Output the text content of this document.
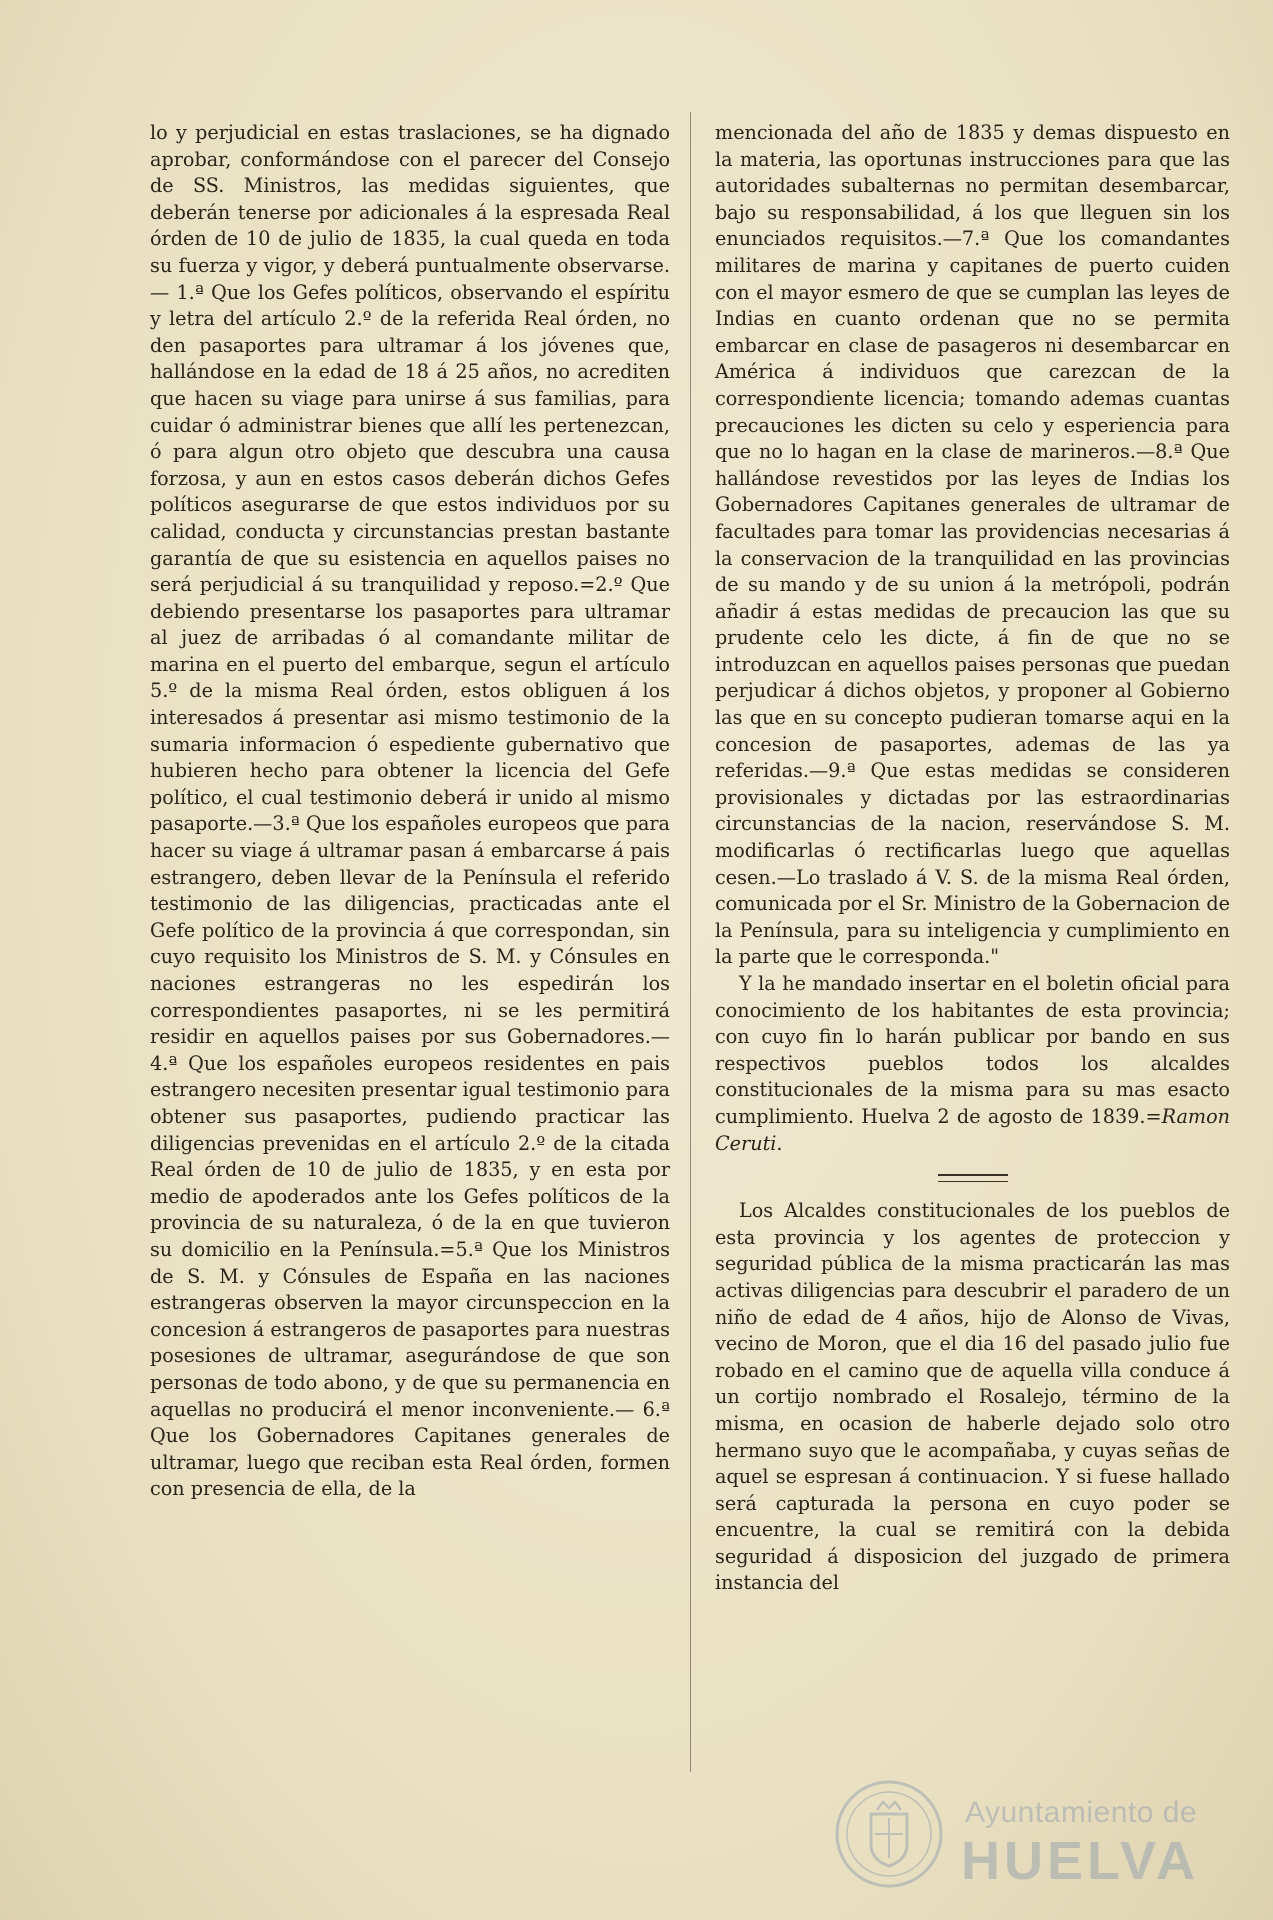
lo y perjudicial en estas traslaciones, se ha dignado aprobar, conformándose con el parecer del Consejo de SS. Ministros, las medidas siguientes, que deberán tenerse por adicionales á la espresada Real órden de 10 de julio de 1835, la cual queda en toda su fuerza y vigor, y deberá puntualmente observarse.— 1.ª Que los Gefes políticos, observando el espíritu y letra del artículo 2.º de la referida Real órden, no den pasaportes para ultramar á los jóvenes que, hallándose en la edad de 18 á 25 años, no acrediten que hacen su viage para unirse á sus familias, para cuidar ó administrar bienes que allí les pertenezcan, ó para algun otro objeto que descubra una causa forzosa, y aun en estos casos deberán dichos Gefes políticos asegurarse de que estos individuos por su calidad, conducta y circunstancias prestan bastante garantía de que su esistencia en aquellos paises no será perjudicial á su tranquilidad y reposo.=2.º Que debiendo presentarse los pasaportes para ultramar al juez de arribadas ó al comandante militar de marina en el puerto del embarque, segun el artículo 5.º de la misma Real órden, estos obliguen á los interesados á presentar asi mismo testimonio de la sumaria informacion ó espediente gubernativo que hubieren hecho para obtener la licencia del Gefe político, el cual testimonio deberá ir unido al mismo pasaporte.—3.ª Que los españoles europeos que para hacer su viage á ultramar pasan á embarcarse á pais estrangero, deben llevar de la Península el referido testimonio de las diligencias, practicadas ante el Gefe político de la provincia á que correspondan, sin cuyo requisito los Ministros de S. M. y Cónsules en naciones estrangeras no les espedirán los correspondientes pasaportes, ni se les permitirá residir en aquellos paises por sus Gobernadores.—4.ª Que los españoles europeos residentes en pais estrangero necesiten presentar igual testimonio para obtener sus pasaportes, pudiendo practicar las diligencias prevenidas en el artículo 2.º de la citada Real órden de 10 de julio de 1835, y en esta por medio de apoderados ante los Gefes políticos de la provincia de su naturaleza, ó de la en que tuvieron su domicilio en la Península.=5.ª Que los Ministros de S. M. y Cónsules de España en las naciones estrangeras observen la mayor circunspeccion en la concesion á estrangeros de pasaportes para nuestras posesiones de ultramar, asegurándose de que son personas de todo abono, y de que su permanencia en aquellas no producirá el menor inconveniente.— 6.ª Que los Gobernadores Capitanes generales de ultramar, luego que reciban esta Real órden, formen con presencia de ella, de la

mencionada del año de 1835 y demas dispuesto en la materia, las oportunas instrucciones para que las autoridades subalternas no permitan desembarcar, bajo su responsabilidad, á los que lleguen sin los enunciados requisitos.—7.ª Que los comandantes militares de marina y capitanes de puerto cuiden con el mayor esmero de que se cumplan las leyes de Indias en cuanto ordenan que no se permita embarcar en clase de pasageros ni desembarcar en América á individuos que carezcan de la correspondiente licencia; tomando ademas cuantas precauciones les dicten su celo y esperiencia para que no lo hagan en la clase de marineros.—8.ª Que hallándose revestidos por las leyes de Indias los Gobernadores Capitanes generales de ultramar de facultades para tomar las providencias necesarias á la conservacion de la tranquilidad en las provincias de su mando y de su union á la metrópoli, podrán añadir á estas medidas de precaucion las que su prudente celo les dicte, á fin de que no se introduzcan en aquellos paises personas que puedan perjudicar á dichos objetos, y proponer al Gobierno las que en su concepto pudieran tomarse aqui en la concesion de pasaportes, ademas de las ya referidas.—9.ª Que estas medidas se consideren provisionales y dictadas por las estraordinarias circunstancias de la nacion, reservándose S. M. modificarlas ó rectificarlas luego que aquellas cesen.—Lo traslado á V. S. de la misma Real órden, comunicada por el Sr. Ministro de la Gobernacion de la Península, para su inteligencia y cumplimiento en la parte que le corresponda."

Y la he mandado insertar en el boletin oficial para conocimiento de los habitantes de esta provincia; con cuyo fin lo harán publicar por bando en sus respectivos pueblos todos los alcaldes constitucionales de la misma para su mas esacto cumplimiento. Huelva 2 de agosto de 1839.=Ramon Ceruti.

Los Alcaldes constitucionales de los pueblos de esta provincia y los agentes de proteccion y seguridad pública de la misma practicarán las mas activas diligencias para descubrir el paradero de un niño de edad de 4 años, hijo de Alonso de Vivas, vecino de Moron, que el dia 16 del pasado julio fue robado en el camino que de aquella villa conduce á un cortijo nombrado el Rosalejo, término de la misma, en ocasion de haberle dejado solo otro hermano suyo que le acompañaba, y cuyas señas de aquel se espresan á continuacion. Y si fuese hallado será capturada la persona en cuyo poder se encuentre, la cual se remitirá con la debida seguridad á disposicion del juzgado de primera instancia del

Ayuntamiento de
HUELVA
